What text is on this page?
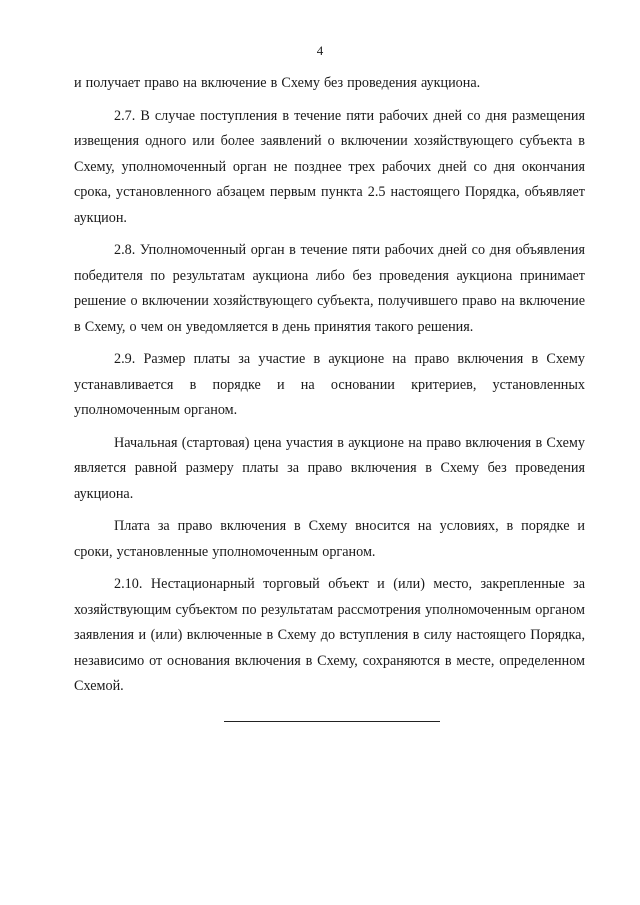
4

и получает право на включение в Схему без проведения аукциона.

2.7. В случае поступления в течение пяти рабочих дней со дня размещения извещения одного или более заявлений о включении хозяйствующего субъекта в Схему, уполномоченный орган не позднее трех рабочих дней со дня окончания срока, установленного абзацем первым пункта 2.5 настоящего Порядка, объявляет аукцион.

2.8. Уполномоченный орган в течение пяти рабочих дней со дня объявления победителя по результатам аукциона либо без проведения аукциона принимает решение о включении хозяйствующего субъекта, получившего право на включение в Схему, о чем он уведомляется в день принятия такого решения.

2.9. Размер платы за участие в аукционе на право включения в Схему устанавливается в порядке и на основании критериев, установленных уполномоченным органом.

Начальная (стартовая) цена участия в аукционе на право включения в Схему является равной размеру платы за право включения в Схему без проведения аукциона.

Плата за право включения в Схему вносится на условиях, в порядке и сроки, установленные уполномоченным органом.

2.10. Нестационарный торговый объект и (или) место, закрепленные за хозяйствующим субъектом по результатам рассмотрения уполномоченным органом заявления и (или) включенные в Схему до вступления в силу настоящего Порядка, независимо от основания включения в Схему, сохраняются в месте, определенном Схемой.
